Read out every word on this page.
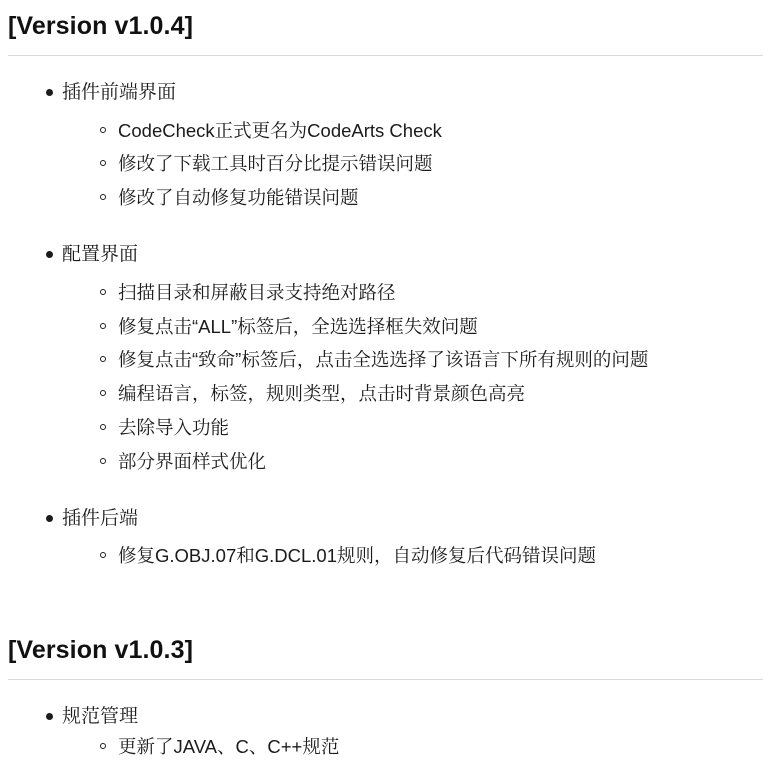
[Version v1.0.4]
插件前端界面
CodeCheck正式更名为CodeArts Check
修改了下载工具时百分比提示错误问题
修改了自动修复功能错误问题
配置界面
扫描目录和屏蔽目录支持绝对路径
修复点击“ALL”标签后，全选选择框失效问题
修复点击“致命”标签后，点击全选选择了该语言下所有规则的问题
编程语言，标签，规则类型，点击时背景颜色高亮
去除导入功能
部分界面样式优化
插件后端
修复G.OBJ.07和G.DCL.01规则，自动修复后代码错误问题
[Version v1.0.3]
规范管理
更新了JAVA、C、C++规范
